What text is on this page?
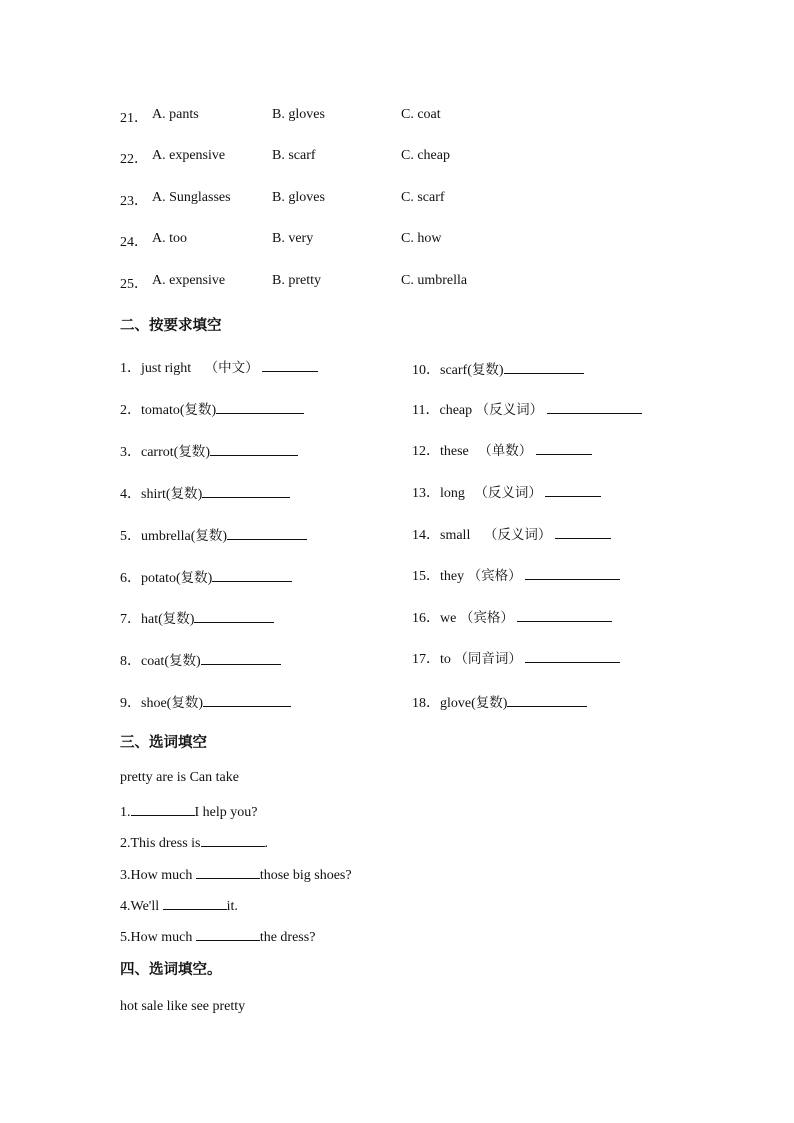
21． A. pants	B. gloves	C. coat
22． A. expensive	B. scarf	C. cheap
23． A. Sunglasses	B. gloves	C. scarf
24． A. too	B. very	C. how
25． A. expensive	B. pretty	C. umbrella
二、按要求填空
1．just right （中文）
2．tomato(复数)
3．carrot(复数)
4．shirt(复数)
5．umbrella(复数)
6．potato(复数)
7．hat(复数)
8．coat(复数)
9．shoe(复数)
10．scarf(复数)
11．cheap （反义词）
12．these （单数）
13．long （反义词）
14．small （反义词）
15．they （宾格）
16．we （宾格）
17．to （同音词）
18．glove(复数)
三、选词填空
pretty are is Can take
1.	I help you?
2.This dress is	.
3.How much	those big shoes?
4.We'll	it.
5.How much	the dress?
四、选词填空。
hot sale like see pretty
